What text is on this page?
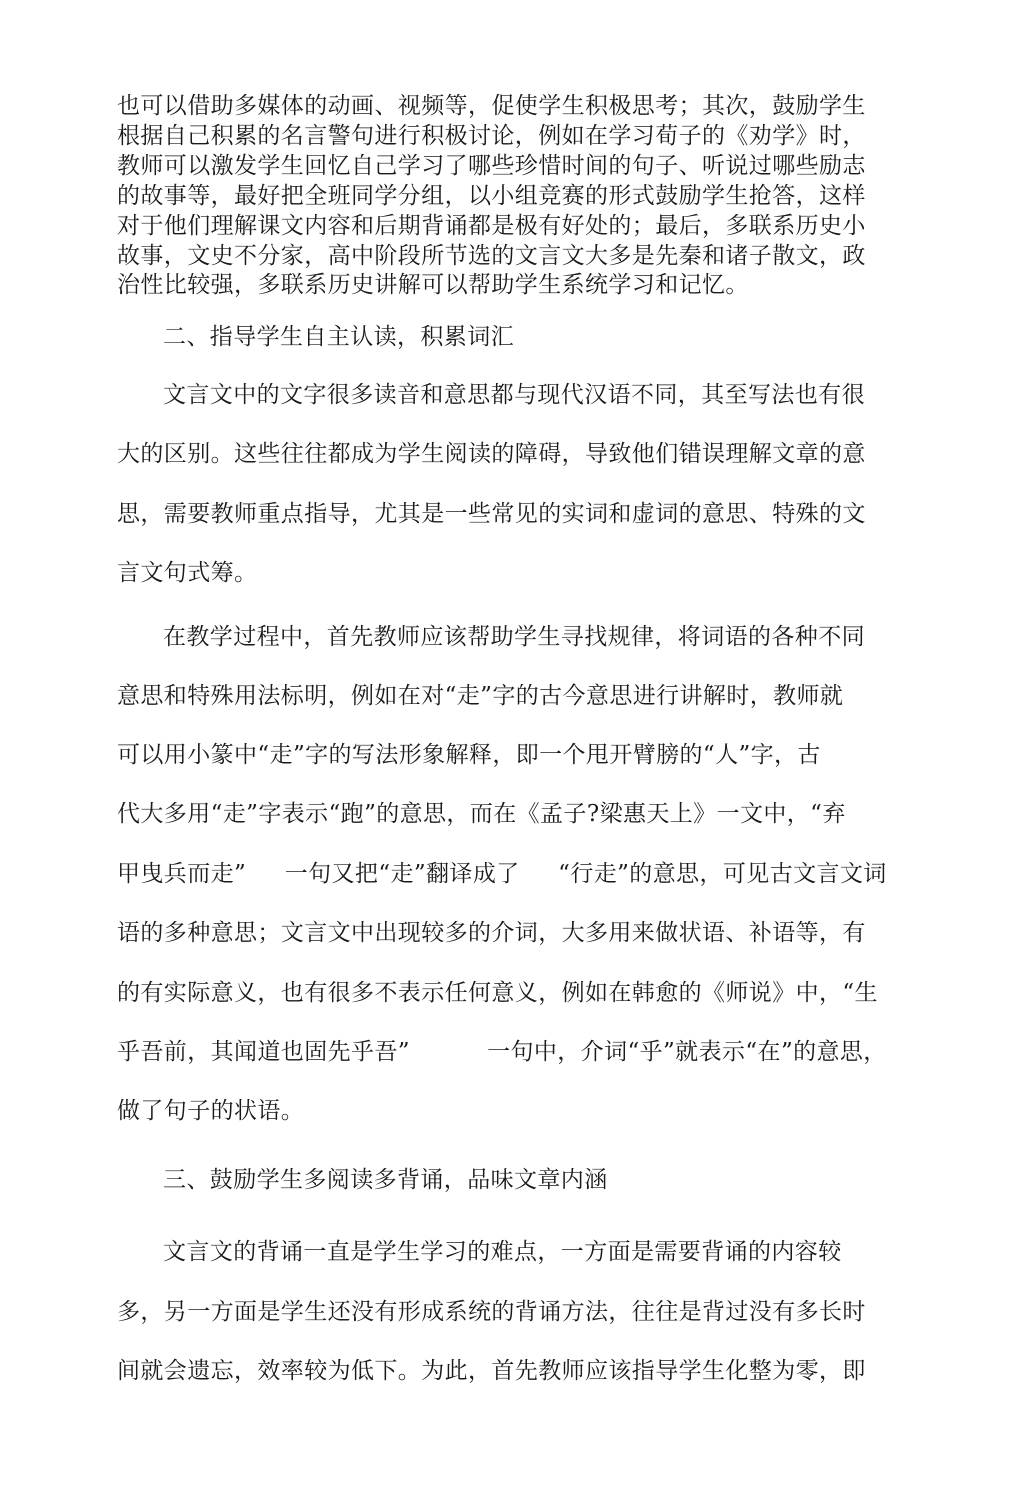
也可以借助多媒体的动画、视频等，促使学生积极思考；其次，鼓励学生
根据自己积累的名言警句进行积极讨论，例如在学习荀子的《劝学》时，
教师可以激发学生回忆自己学习了哪些珍惜时间的句子、听说过哪些励志
的故事等，最好把全班同学分组，以小组竞赛的形式鼓励学生抢答，这样
对于他们理解课文内容和后期背诵都是极有好处的；最后，多联系历史小
故事，文史不分家，高中阶段所节选的文言文大多是先秦和诸子散文，政
治性比较强，多联系历史讲解可以帮助学生系统学习和记忆。
二、指导学生自主认读，积累词汇
文言文中的文字很多读音和意思都与现代汉语不同，其至写法也有很
大的区别。这些往往都成为学生阅读的障碍，导致他们错误理解文章的意
思，需要教师重点指导，尤其是一些常见的实词和虚词的意思、特殊的文
言文句式筹。
在教学过程中，首先教师应该帮助学生寻找规律，将词语的各种不同
意思和特殊用法标明，例如在对“走”字的古今意思进行讲解时，教师就
可以用小篆中“走”字的写法形象解释，即一个甩开臂膀的“人”字，古
代大多用“走”字表示“跑”的意思，而在《孟子?梁惠天上》一文中，“弃
甲曳兵而走”     一句又把“走”翻译成了     “行走”的意思，可见古文言文词
语的多种意思；文言文中出现较多的介词，大多用来做状语、补语等，有
的有实际意义，也有很多不表示任何意义，例如在韩愈的《师说》中，“生
乎吾前，其闻道也固先乎吾”          一句中，介词“乎”就表示“在”的意思，
做了句子的状语。
三、鼓励学生多阅读多背诵，品味文章内涵
文言文的背诵一直是学生学习的难点，一方面是需要背诵的内容较
多，另一方面是学生还没有形成系统的背诵方法，往往是背过没有多长时
间就会遗忘，效率较为低下。为此，首先教师应该指导学生化整为零，即
